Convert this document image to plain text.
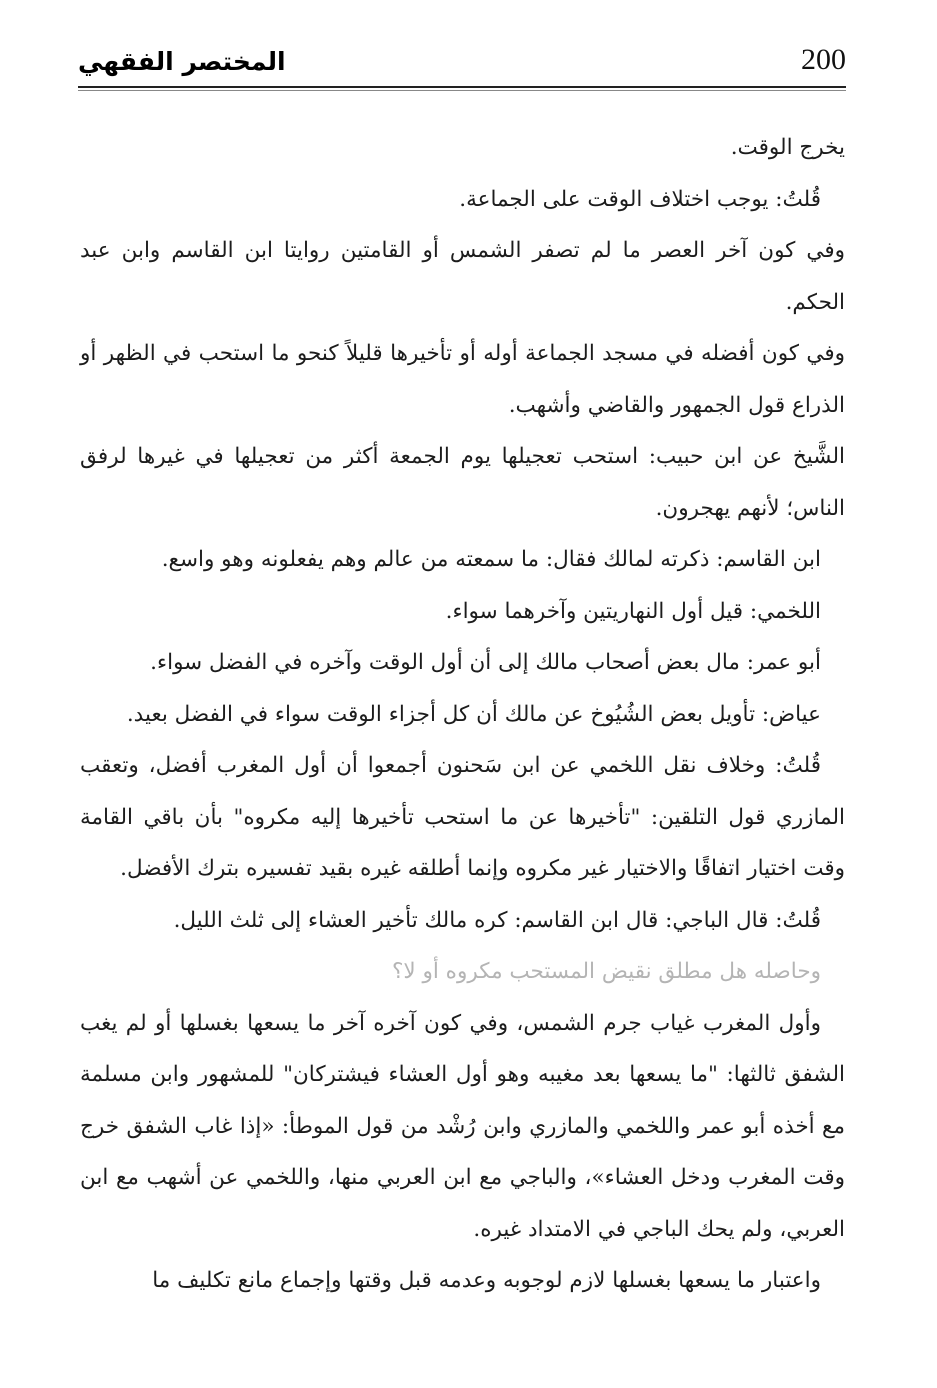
200
المختصر الفقهي

يخرج الوقت.

قُلتُ: يوجب اختلاف الوقت على الجماعة.

وفي كون آخر العصر ما لم تصفر الشمس أو القامتين روايتا ابن القاسم وابن عبد الحكم.

وفي كون أفضله في مسجد الجماعة أوله أو تأخيرها قليلاً كنحو ما استحب في الظهر أو الذراع قول الجمهور والقاضي وأشهب.

الشَّيخ عن ابن حبيب: استحب تعجيلها يوم الجمعة أكثر من تعجيلها في غيرها لرفق الناس؛ لأنهم يهجرون.

ابن القاسم: ذكرته لمالك فقال: ما سمعته من عالم وهم يفعلونه وهو واسع.

اللخمي: قيل أول النهاريتين وآخرهما سواء.

أبو عمر: مال بعض أصحاب مالك إلى أن أول الوقت وآخره في الفضل سواء.

عياض: تأويل بعض الشُيُوخ عن مالك أن كل أجزاء الوقت سواء في الفضل بعيد.

قُلتُ: وخلاف نقل اللخمي عن ابن سَحنون أجمعوا أن أول المغرب أفضل، وتعقب المازري قول التلقين: "تأخيرها عن ما استحب تأخيرها إليه مكروه" بأن باقي القامة وقت اختيار اتفاقًا والاختيار غير مكروه وإنما أطلقه غيره بقيد تفسيره بترك الأفضل.

قُلتُ: قال الباجي: قال ابن القاسم: كره مالك تأخير العشاء إلى ثلث الليل.

وحاصله هل مطلق نقيض المستحب مكروه أو لا؟

وأول المغرب غياب جرم الشمس، وفي كون آخره آخر ما يسعها بغسلها أو لم يغب الشفق ثالثها: "ما يسعها بعد مغيبه وهو أول العشاء فيشتركان" للمشهور وابن مسلمة مع أخذه أبو عمر واللخمي والمازري وابن رُشْد من قول الموطأ: «إذا غاب الشفق خرج وقت المغرب ودخل العشاء»، والباجي مع ابن العربي منها، واللخمي عن أشهب مع ابن العربي، ولم يحك الباجي في الامتداد غيره.

واعتبار ما يسعها بغسلها لازم لوجوبه وعدمه قبل وقتها وإجماع مانع تكليف ما
